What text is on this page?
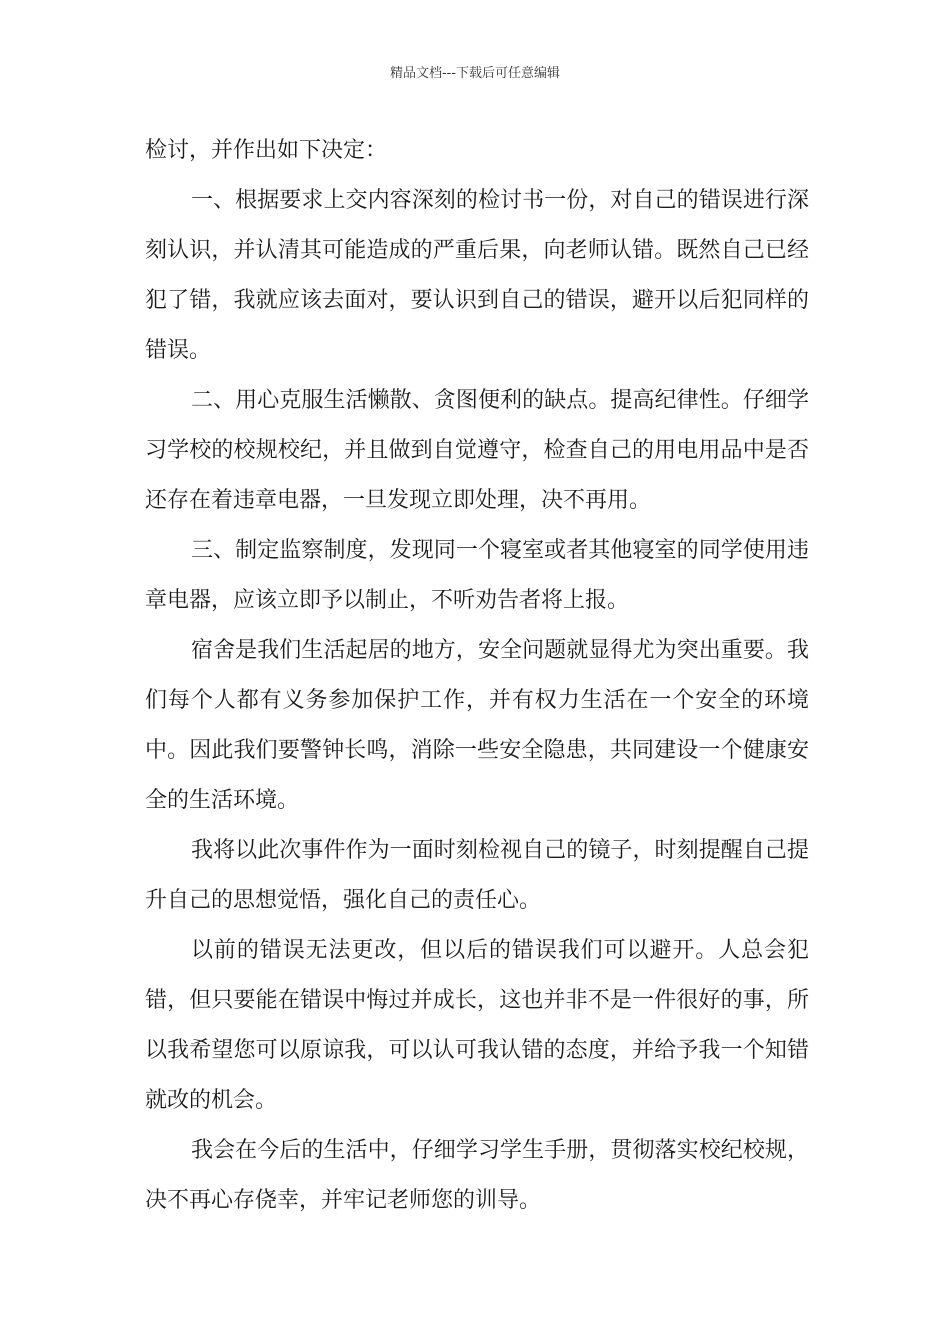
精品文档---下载后可任意编辑

检讨，并作出如下决定：

一、根据要求上交内容深刻的检讨书一份，对自己的错误进行深刻认识，并认清其可能造成的严重后果，向老师认错。既然自己已经犯了错，我就应该去面对，要认识到自己的错误，避开以后犯同样的错误。

二、用心克服生活懒散、贪图便利的缺点。提高纪律性。仔细学习学校的校规校纪，并且做到自觉遵守，检查自己的用电用品中是否还存在着违章电器，一旦发现立即处理，决不再用。

三、制定监察制度，发现同一个寝室或者其他寝室的同学使用违章电器，应该立即予以制止，不听劝告者将上报。

宿舍是我们生活起居的地方，安全问题就显得尤为突出重要。我们每个人都有义务参加保护工作，并有权力生活在一个安全的环境中。因此我们要警钟长鸣，消除一些安全隐患，共同建设一个健康安全的生活环境。

我将以此次事件作为一面时刻检视自己的镜子，时刻提醒自己提升自己的思想觉悟，强化自己的责任心。

以前的错误无法更改，但以后的错误我们可以避开。人总会犯错，但只要能在错误中悔过并成长，这也并非不是一件很好的事，所以我希望您可以原谅我，可以认可我认错的态度，并给予我一个知错就改的机会。

我会在今后的生活中，仔细学习学生手册，贯彻落实校纪校规，决不再心存侥幸，并牢记老师您的训导。
